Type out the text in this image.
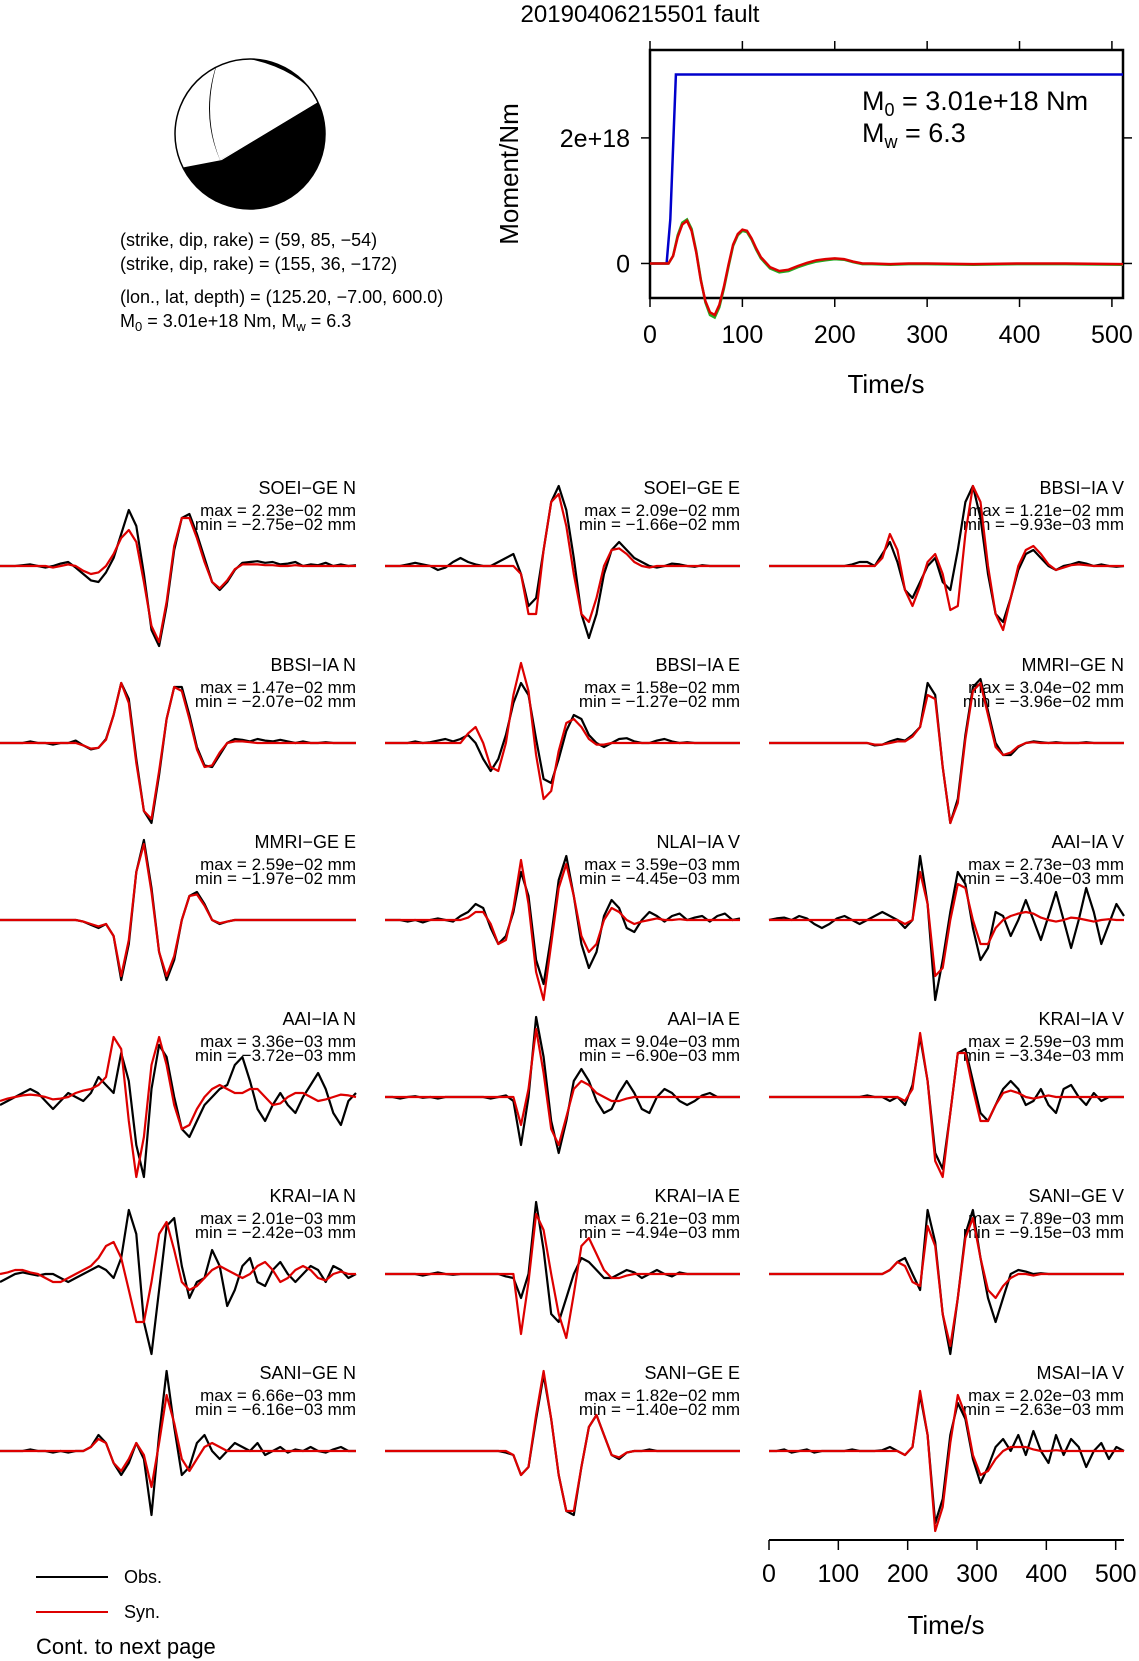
20190406215501 fault
(strike, dip, rake) = (59, 85, −54)
(strike, dip, rake) = (155, 36, −172)
(lon., lat, depth) = (125.20, −7.00, 600.0)
$M_0 = 3.01e+18$ Nm, $M_w = 6.3$	0	100 200 300 400 500
0
2e+18
Time/s
Moment/Nm
$M_0 = 3.01e+18$ Nm
$M_w = 6.3$
SOEI−GE N
max = 2.23e−02 mm
min = −2.75e−02 mm
SOEI−GE E
max = 2.09e−02 mm
min = −1.66e−02 mm
BBSI−IA V
max = 1.21e−02 mm
min = −9.93e−03 mm
BBSI−IA N
max = 1.47e−02 mm
min = −2.07e−02 mm
BBSI−IA E
max = 1.58e−02 mm
min = −1.27e−02 mm
MMRI−GE N
max = 3.04e−02 mm
min = −3.96e−02 mm
MMRI−GE E
max = 2.59e−02 mm
min = −1.97e−02 mm
NLAI−IA V
max = 3.59e−03 mm
min = −4.45e−03 mm
AAI−IA V
max = 2.73e−03 mm
min = −3.40e−03 mm
AAI−IA N
max = 3.36e−03 mm
min = −3.72e−03 mm
AAI−IA E
max = 9.04e−03 mm
min = −6.90e−03 mm
KRAI−IA V
max = 2.59e−03 mm
min = −3.34e−03 mm
KRAI−IA N
max = 2.01e−03 mm
min = −2.42e−03 mm
KRAI−IA E
max = 6.21e−03 mm
min = −4.94e−03 mm
SANI−GE V
max = 7.89e−03 mm
min = −9.15e−03 mm
SANI−GE N
max = 6.66e−03 mm
min = −6.16e−03 mm
SANI−GE E
max = 1.82e−02 mm
min = −1.40e−02 mm
MSAI−IA V
max = 2.02e−03 mm
min = −2.63e−03 mm
0 100 200 300 400 500
Time/s
Obs.
Syn.
Cont. to next page
